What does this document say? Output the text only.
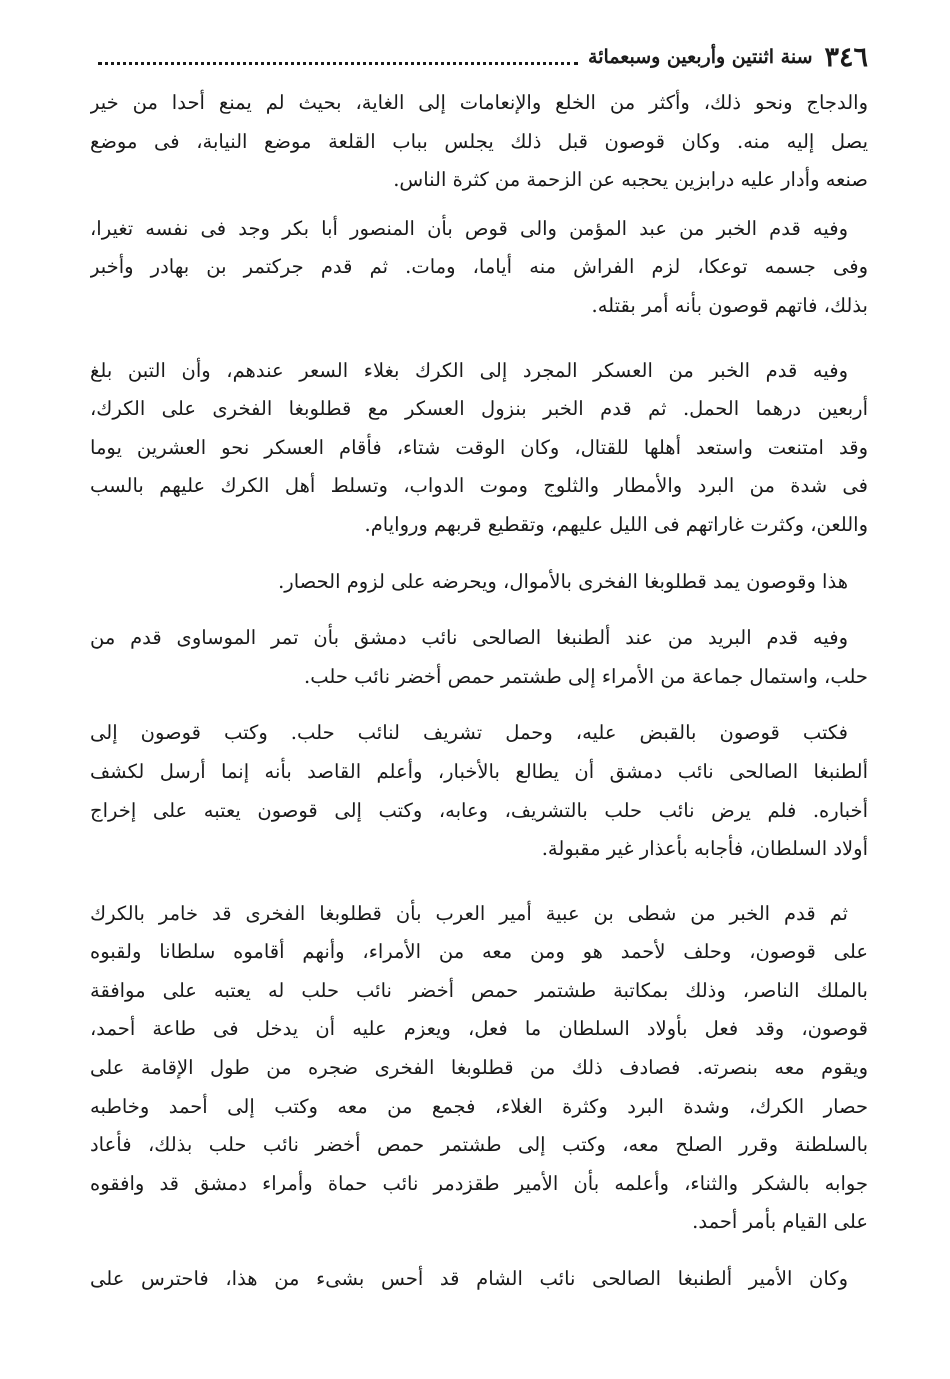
٣٤٦
سنة اثنتين وأربعين وسبعمائة
والدجاج ونحو ذلك، وأكثر من الخلع والإنعامات إلى الغاية، بحيث لم يمنع أحدا من خير
يصل إليه منه. وكان قوصون قبل ذلك يجلس بباب القلعة موضع النيابة، فى موضع
صنعه وأدار عليه درابزين يحجبه عن الزحمة من كثرة الناس.
وفيه قدم الخبر من عبد المؤمن والى قوص بأن المنصور أبا بكر وجد فى نفسه تغيرا،
وفى جسمه توعكا، لزم الفراش منه أياما، ومات. ثم قدم جركتمر بن بهادر وأخبر
بذلك، فاتهم قوصون بأنه أمر بقتله.
وفيه قدم الخبر من العسكر المجرد إلى الكرك بغلاء السعر عندهم، وأن التبن بلغ
أربعين درهما الحمل. ثم قدم الخبر بنزول العسكر مع قطلوبغا الفخرى على الكرك،
وقد امتنعت واستعد أهلها للقتال، وكان الوقت شتاء، فأقام العسكر نحو العشرين يوما
فى شدة من البرد والأمطار والثلوج وموت الدواب، وتسلط أهل الكرك عليهم بالسب
واللعن، وكثرت غاراتهم فى الليل عليهم، وتقطيع قربهم وروايام.
هذا وقوصون يمد قطلوبغا الفخرى بالأموال، ويحرضه على لزوم الحصار.
وفيه قدم البريد من عند ألطنبغا الصالحى نائب دمشق بأن تمر الموساوى قدم من
حلب، واستمال جماعة من الأمراء إلى طشتمر حمص أخضر نائب حلب.
فكتب قوصون بالقبض عليه، وحمل تشريف لنائب حلب. وكتب قوصون إلى
ألطنبغا الصالحى نائب دمشق أن يطالع بالأخبار، وأعلم القاصد بأنه إنما أرسل لكشف
أخباره. فلم يرض نائب حلب بالتشريف، وعابه، وكتب إلى قوصون يعتبه على إخراج
أولاد السلطان، فأجابه بأعذار غير مقبولة.
ثم قدم الخبر من شطى بن عبية أمير العرب بأن قطلوبغا الفخرى قد خامر بالكرك
على قوصون، وحلف لأحمد هو ومن معه من الأمراء، وأنهم أقاموه سلطانا ولقبوه
بالملك الناصر، وذلك بمكاتبة طشتمر حمص أخضر نائب حلب له يعتبه على موافقة
قوصون، وقد فعل بأولاد السلطان ما فعل، ويعزم عليه أن يدخل فى طاعة أحمد،
ويقوم معه بنصرته. فصادف ذلك من قطلوبغا الفخرى ضجره من طول الإقامة على
حصار الكرك، وشدة البرد وكثرة الغلاء، فجمع من معه وكتب إلى أحمد وخاطبه
بالسلطنة وقرر الصلح معه، وكتب إلى طشتمر حمص أخضر نائب حلب بذلك، فأعاد
جوابه بالشكر والثناء، وأعلمه بأن الأمير طقزدمر نائب حماة وأمراء دمشق قد وافقوه
على القيام بأمر أحمد.
وكان الأمير ألطنبغا الصالحى نائب الشام قد أحس بشىء من هذا، فاحترس على
